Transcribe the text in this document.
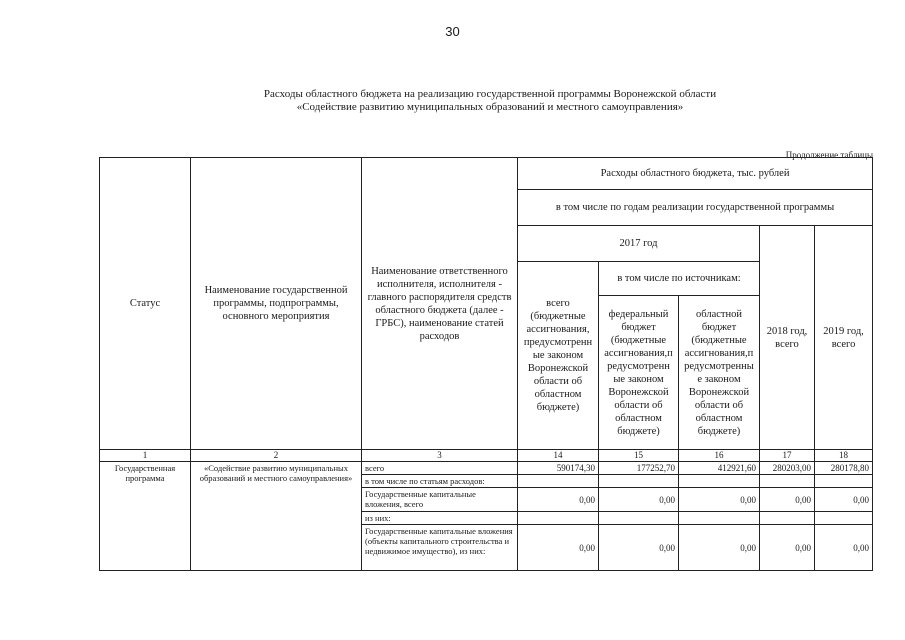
30
Расходы областного бюджета на реализацию государственной программы Воронежской области
«Содействие развитию муниципальных образований и местного самоуправления»
Продолжение таблицы
Статус	Наименование государственной программы, подпрограммы, основного мероприятия	Наименование ответственного исполнителя, исполнителя - главного распорядителя средств областного бюджета (далее - ГРБС), наименование статей расходов	Расходы областного бюджета, тыс. рублей				
			в том числе по годам реализации государственной программы				
			2017 год			2018 год, всего	2019 год, всего
			всего (бюджетные ассигнования, предусмотренн ые законом Воронежской области об областном бюджете)	в том числе по источникам:			
				федеральный бюджет (бюджетные ассигнования,п редусмотренн ые законом Воронежской области об областном бюджете)	областной бюджет (бюджетные ассигнования,п редусмотренны е законом Воронежской области об областном бюджете)		
1	2	3	14	15	16	17	18
Государственная программа	«Содействие развитию муниципальных образований и местного самоуправления»	всего	590174,30	177252,70	412921,60	280203,00	280178,80
		в том числе по статьям расходов:					
		Государственные капитальные вложения, всего	0,00	0,00	0,00	0,00	0,00
		из них:					
		Государственные капитальные вложения (объекты капитального строительства и недвижимое имущество), из них:	0,00	0,00	0,00	0,00	0,00
